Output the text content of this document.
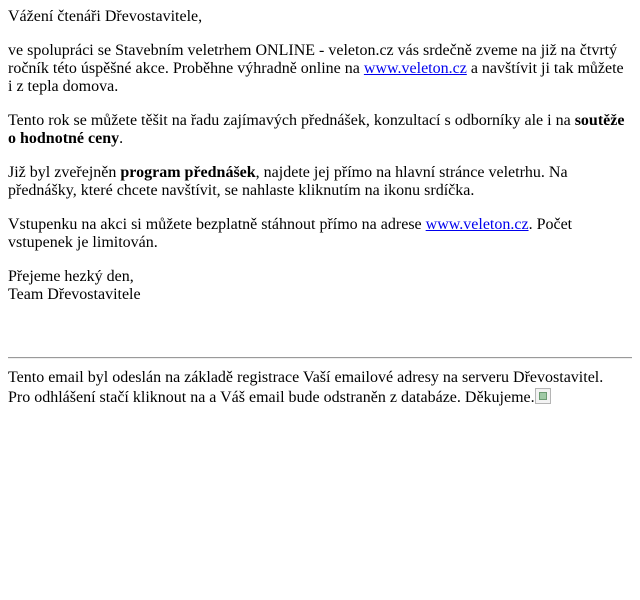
Vážení čtenáři Dřevostavitele,

ve spolupráci se Stavebním veletrhem ONLINE - veleton.cz vás srdečně zveme na již na čtvrtý ročník této úspěšné akce. Proběhne výhradně online na www.veleton.cz a navštívit ji tak můžete i z tepla domova.

Tento rok se můžete těšit na řadu zajímavých přednášek, konzultací s odborníky ale i na soutěže o hodnotné ceny.

Již byl zveřejněn program přednášek, najdete jej přímo na hlavní stránce veletrhu. Na přednášky, které chcete navštívit, se nahlaste kliknutím na ikonu srdíčka.

Vstupenku na akci si můžete bezplatně stáhnout přímo na adrese www.veleton.cz. Počet vstupenek je limitován.

Přejeme hezký den,
Team Dřevostavitele

Tento email byl odeslán na základě registrace Vaší emailové adresy na serveru Dřevostavitel.
Pro odhlášení stačí kliknout na a Váš email bude odstraněn z databáze. Děkujeme.
